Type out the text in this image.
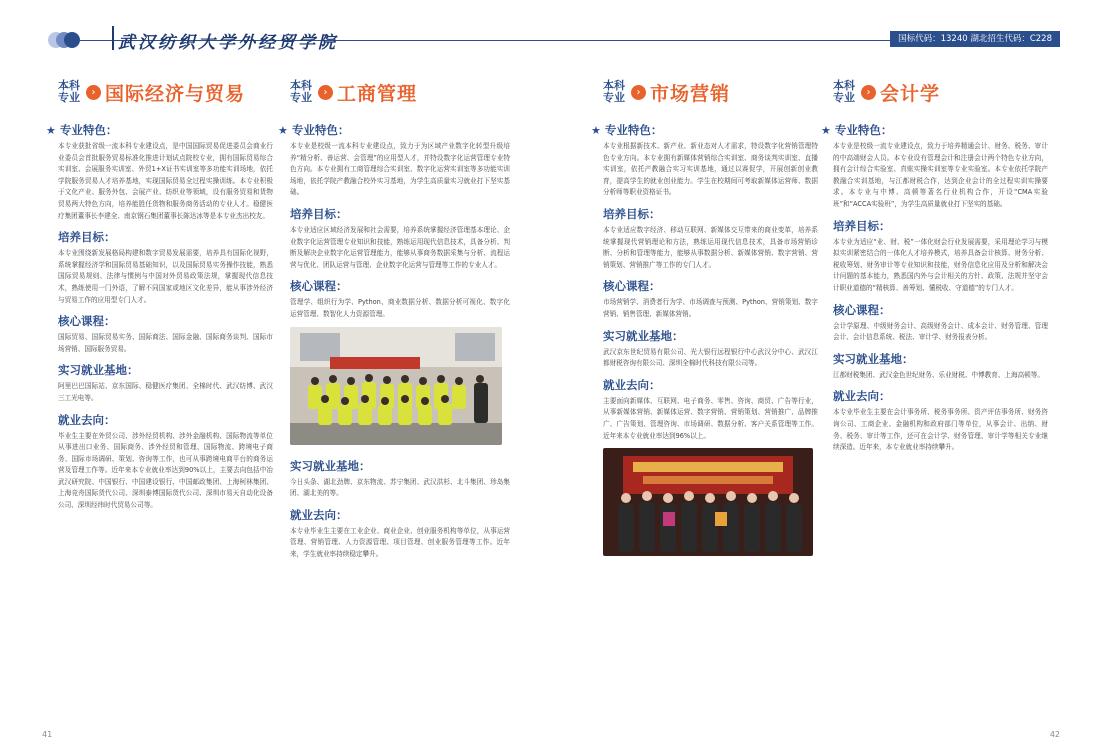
武汉纺织大学外经贸学院	国标代码：13240 湖北招生代码：C228
本科专业	› 国际经济与贸易
★ 专业特色：
本专业获批省级一流本科专业建设点，是中国国际贸易促进委员会商业行业委员会首批服务贸易标准化推进计划试点院校专业，拥有国际贸易综合实训室、会展服务实训室、外贸1+X证书实训室等多功能实训场地，依托学院服务贸易人才培养基地，实现国际贸易全过程实操训练。本专业积极于文化产业、服务外包、会展产业、纺织业等领域，设有服务贸易和货物贸易两大特色方向，培养能胜任货物和服务商务活动的专业人才。稳健医疗集团董事长李建全、南京钢石集团董事长陈达冰等是本专业杰出校友。
培养目标：
本专业围绕新发展格局构建和数字贸易发展需要，培养具有国际化视野，系统掌握经济学和国际贸易基础知识，以及国际贸易实务操作技能，熟悉国际贸易规则、法律与惯例与中国对外贸易政策法规，掌握现代信息技术，熟练使用一门外语，了解不同国家或地区文化差异，能从事涉外经济与贸易工作的应用型专门人才。
核心课程：
国际贸易、国际贸易实务、国际商法、国际金融、国际商务谈判、国际市场营销、国际服务贸易。
实习就业基地：
阿里巴巴国际站、京东国际、稳健医疗集团、全棉时代、武汉纺博、武汉三工光电等。
就业去向：
毕业生主要在外贸公司、涉外经贸机构、涉外金融机构、国际物流等单位从事进出口业务、国际商务、涉外经贸和管理、国际物流、跨境电子商务、国际市场调研、策划、咨询等工作，也可从事跨境电商平台的商务运营及管理工作等。近年来本专业就业率达到90%以上，主要去向包括中冶武汉研究院、中国银行、中国建设银行、中国邮政集团、上海柯林集团、上海竞舟国际货代公司、深圳泰博国际货代公司、深圳市易天自动化设备公司、深圳经纬时代贸易公司等。
本科专业	› 工商管理
★ 专业特色：
本专业是校级一流本科专业建设点，致力于为区域产业数字化转型升级培养“精分析、善运营、会管理”的应用型人才，并特设数字化运营管理专业特色方向。本专业拥有工商管理综合实训室、数字化运营实训室等多功能实训场地，依托学院产教融合校外实习基地，为学生高质量实习就业打下坚实基础。
培养目标：
本专业适应区域经济发展和社会需要，培养系统掌握经济管理基本理论、企业数字化运营管理专业知识和技能，熟练运用现代信息技术，具备分析、判断及解决企业数字化运营管理能力，能够从事商务数据采集与分析、流程运营与优化、团队运营与管理、企业数字化运营与管理等工作的专业人才。
核心课程：
管理学、组织行为学、Python、商业数据分析、数据分析可视化、数字化运营管理、数智化人力资源管理。
实习就业基地：
今日头条、湖北劲牌、京东物流、苏宁集团、武汉洪杉、北斗集团、珍岛集团、湖北美的等。
就业去向：
本专业毕业生主要在工业企业、商业企业、创业服务机构等单位，从事运营管理、营销管理、人力资源管理、项目管理、创业服务管理等工作。近年来，学生就业率持续稳定攀升。
本科专业	› 市场营销
★ 专业特色：
本专业根据新技术、新产业、新业态对人才需求，特设数字化营销管理特色专业方向。本专业拥有新媒体营销综合实训室、商务谈判实训室、直播实训室，依托产教融合实习实训基地，通过以赛促学，开展创新创业教育，提高学生的就业创业能力。学生在校期间可考取新媒体运营师、数据分析师等职业资格证书。
培养目标：
本专业适应数字经济、移动互联网、新媒体交互带来的商业变革，培养系统掌握现代营销理论和方法，熟练运用现代信息技术，具备市场营销诊断、分析和管理等能力，能够从事数据分析、新媒体营销、数字营销、营销策划、营销推广等工作的专门人才。
核心课程：
市场营销学、消费者行为学、市场调查与预测、Python、营销策划、数字营销、销售管理、新媒体营销。
实习就业基地：
武汉京东世纪贸易有限公司、光大银行远程银行中心武汉分中心、武汉江都财税咨询有限公司、深圳全棉时代科技有限公司等。
就业去向：
主要面向新媒体、互联网、电子商务、零售、咨询、商贸、广告等行业，从事新媒体营销、新媒体运营、数字营销、营销策划、营销推广、品牌推广、广告策划、管理咨询、市场调研、数据分析、客户关系管理等工作。近年来本专业就业率达到96%以上。
本科专业	› 会计学
★ 专业特色：
本专业是校级一流专业建设点，致力于培养精通会计、财务、税务、审计的中高端财会人员。本专业设有管理会计和注册会计两个特色专业方向，拥有会计综合实验室、真账实操实训室等专业实验室。本专业依托学院产教融合实训基地，与江都财税合作，达到企业会计的全过程实训实操要求。本专业与中博、高顿等著名行业机构合作，开设“CMA实验班”和“ACCA实验班”，为学生高质量就业打下坚实的基础。
培养目标：
本专业为适应“业、财、税”一体化财会行业发展需要，采用理论学习与模拟实训紧密结合的一体化人才培养模式，培养具备会计核算、财务分析、税收筹划、财务审计等专业知识和技能，财务信息化应用及分析和解决会计问题的基本能力，熟悉国内外与会计相关的方针、政策、法规并坚守会计职业道德的“精核算、善筹划、懂税收、守道德”的专门人才。
核心课程：
会计学原理、中级财务会计、高级财务会计、成本会计、财务管理、管理会计、会计信息系统、税法、审计学、财务报表分析。
实习就业基地：
江都财税集团、武汉金色世纪财务、乐业财税、中博教育、上海高顿等。
就业去向：
本专业毕业生主要在会计事务所、税务事务所、资产评估事务所、财务咨询公司、工商企业、金融机构和政府部门等单位，从事会计、出纳、财务、税务、审计等工作，还可在会计学、财务管理、审计学等相关专业继续深造。近年来，本专业就业率持续攀升。
41	42
